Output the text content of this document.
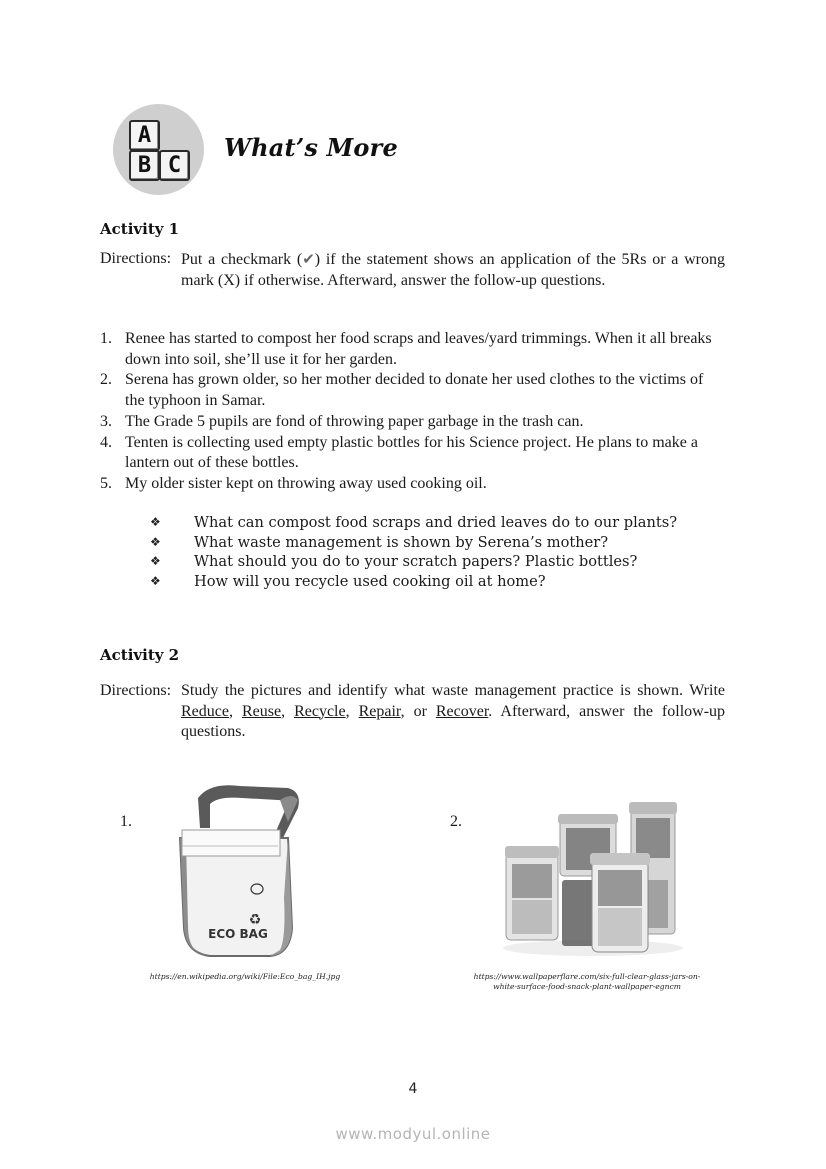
A
B C
What’s More
Activity 1
Directions: Put a checkmark (✔) if the statement shows an application of the 5Rs or a wrong mark (X) if otherwise. Afterward, answer the follow-up questions.
1. Renee has started to compost her food scraps and leaves/yard trimmings. When it all breaks down into soil, she’ll use it for her garden.
2. Serena has grown older, so her mother decided to donate her used clothes to the victims of the typhoon in Samar.
3. The Grade 5 pupils are fond of throwing paper garbage in the trash can.
4. Tenten is collecting used empty plastic bottles for his Science project. He plans to make a lantern out of these bottles.
5. My older sister kept on throwing away used cooking oil.
❖ What can compost food scraps and dried leaves do to our plants?
❖ What waste management is shown by Serena’s mother?
❖ What should you do to your scratch papers? Plastic bottles?
❖ How will you recycle used cooking oil at home?
Activity 2
Directions: Study the pictures and identify what waste management practice is shown. Write Reduce, Reuse, Recycle, Repair, or Recover. Afterward, answer the follow-up questions.
1.
♻
ECO BAG
https://en.wikipedia.org/wiki/File:Eco_bag_IH.jpg
2.
https://www.wallpaperflare.com/six-full-clear-glass-jars-on-
white-surface-food-snack-plant-wallpaper-egncm
4
www.modyul.online
